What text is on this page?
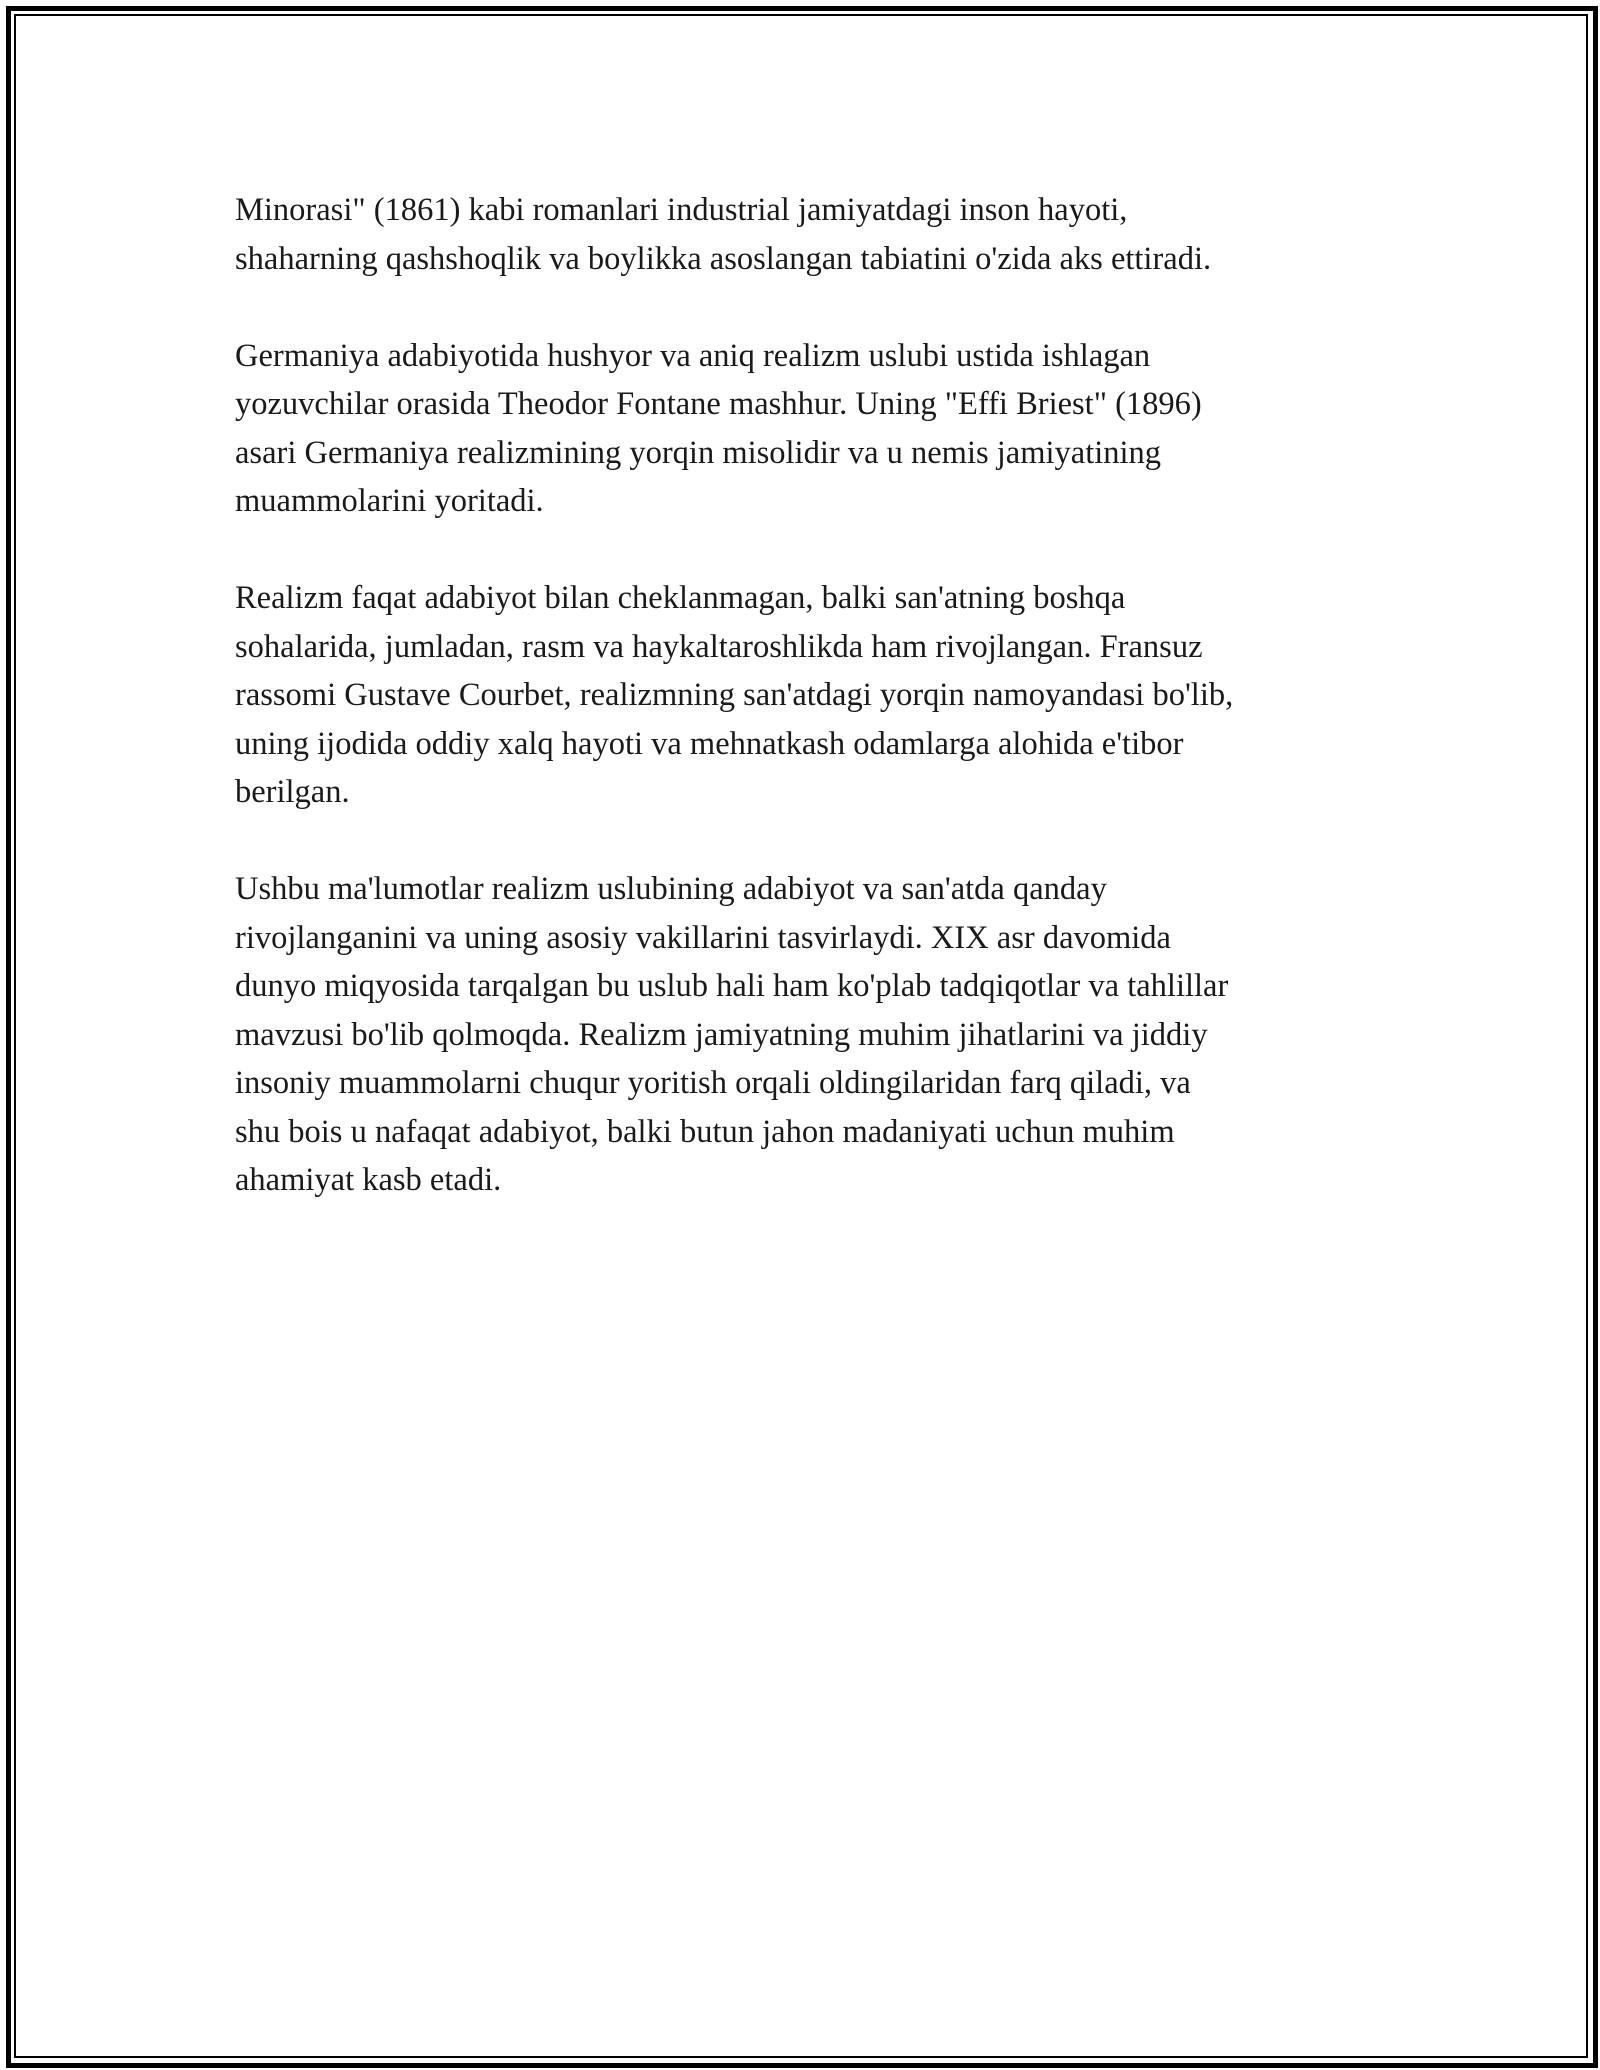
Minorasi" (1861) kabi romanlari industrial jamiyatdagi inson hayoti,
shaharning qashshoqlik va boylikka asoslangan tabiatini o'zida aks ettiradi.

Germaniya adabiyotida hushyor va aniq realizm uslubi ustida ishlagan
yozuvchilar orasida Theodor Fontane mashhur. Uning "Effi Briest" (1896)
asari Germaniya realizmining yorqin misolidir va u nemis jamiyatining
muammolarini yoritadi.

Realizm faqat adabiyot bilan cheklanmagan, balki san'atning boshqa
sohalarida, jumladan, rasm va haykaltaroshlikda ham rivojlangan. Fransuz
rassomi Gustave Courbet, realizmning san'atdagi yorqin namoyandasi bo'lib,
uning ijodida oddiy xalq hayoti va mehnatkash odamlarga alohida e'tibor
berilgan.

Ushbu ma'lumotlar realizm uslubining adabiyot va san'atda qanday
rivojlanganini va uning asosiy vakillarini tasvirlaydi. XIX asr davomida
dunyo miqyosida tarqalgan bu uslub hali ham ko'plab tadqiqotlar va tahlillar
mavzusi bo'lib qolmoqda. Realizm jamiyatning muhim jihatlarini va jiddiy
insoniy muammolarni chuqur yoritish orqali oldingilaridan farq qiladi, va
shu bois u nafaqat adabiyot, balki butun jahon madaniyati uchun muhim
ahamiyat kasb etadi.
